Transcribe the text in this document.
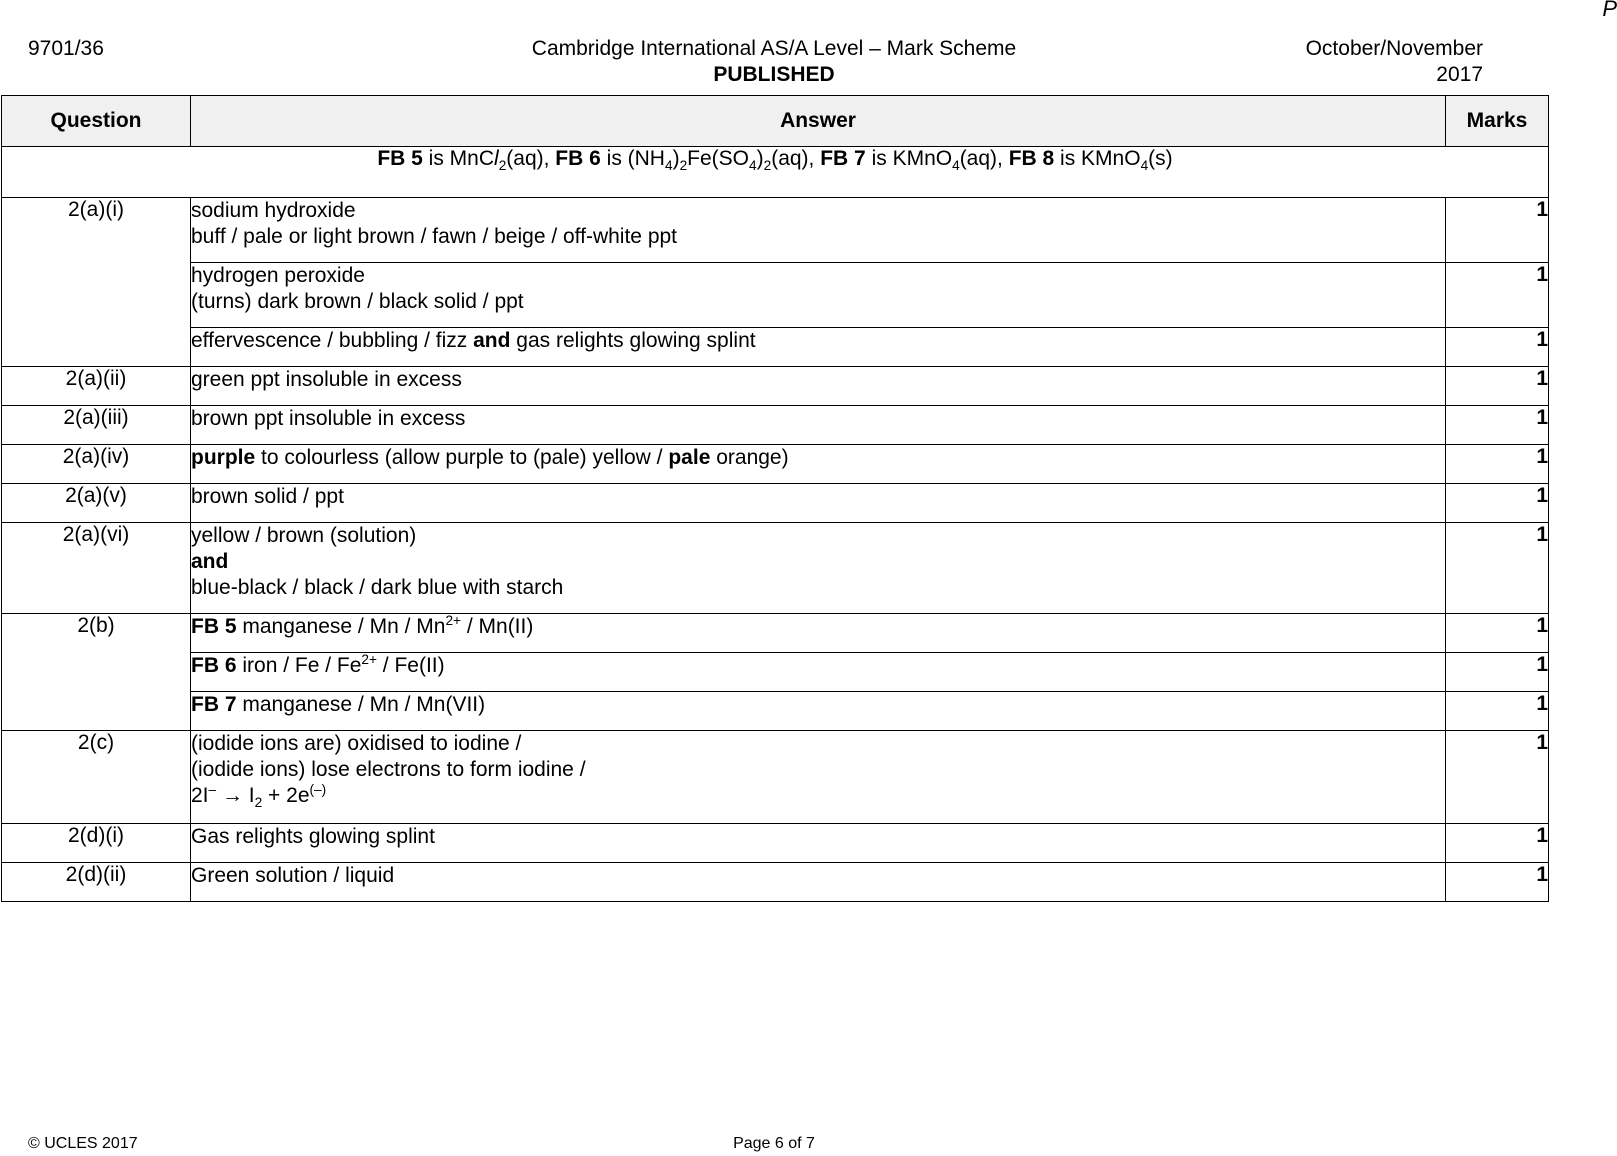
P
9701/36	Cambridge International AS/A Level – Mark Scheme
PUBLISHED
October/November
2017
Question	Answer	Marks
FB 5 is MnCl$_2$(aq), FB 6 is $(NH_4)_2Fe(SO_4)_2(aq)$, FB 7 is KMnO$_4$(aq), FB 8 is KMnO$_4$(s)		
2(a)(i)	sodium hydroxide
buff / pale or light brown / fawn / beige / off-white ppt	1
	hydrogen peroxide
(turns) dark brown / black solid / ppt	1
	effervescence / bubbling / fizz and gas relights glowing splint	1
2(a)(ii)	green ppt insoluble in excess	1
2(a)(iii)	brown ppt insoluble in excess	1
2(a)(iv)	purple to colourless (allow purple to (pale) yellow / pale orange)	1
2(a)(v)	brown solid / ppt	1
2(a)(vi)	yellow / brown (solution)
and
blue-black / black / dark blue with starch	1
2(b)	FB 5 manganese / Mn / $Mn^{2+} / Mn(II)$	1
	FB 6 iron / Fe / $Fe^{2+} / Fe(II)$	1
	FB 7 manganese / Mn / Mn(VII)	1
2(c)	(iodide ions are) oxidised to iodine /
(iodide ions) lose electrons to form iodine /
$2I^- \to I_2 + 2e^{(-)}$	1
2(d)(i)	Gas relights glowing splint	1
2(d)(ii)	Green solution / liquid	1
© UCLES 2017	Page 6 of 7
